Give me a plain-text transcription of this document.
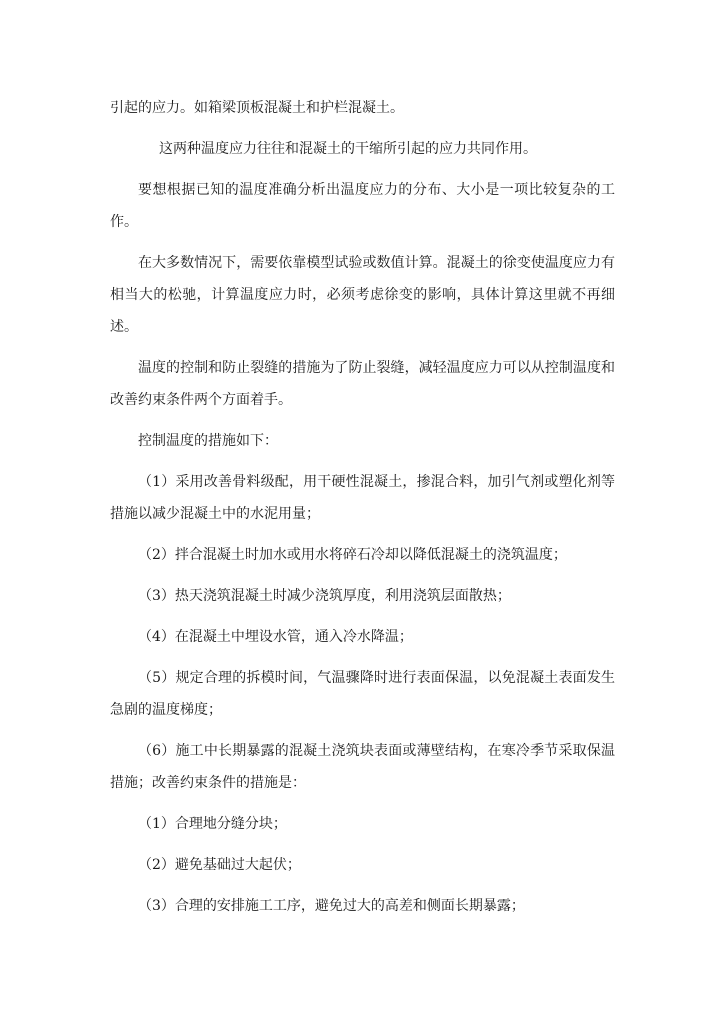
引起的应力。如箱梁顶板混凝土和护栏混凝土。

这两种温度应力往往和混凝土的干缩所引起的应力共同作用。

要想根据已知的温度准确分析出温度应力的分布、大小是一项比较复杂的工作。

在大多数情况下，需要依靠模型试验或数值计算。混凝土的徐变使温度应力有相当大的松驰，计算温度应力时，必须考虑徐变的影响，具体计算这里就不再细述。

温度的控制和防止裂缝的措施为了防止裂缝，减轻温度应力可以从控制温度和改善约束条件两个方面着手。

控制温度的措施如下：

（1）采用改善骨料级配，用干硬性混凝土，掺混合料，加引气剂或塑化剂等措施以减少混凝土中的水泥用量；

（2）拌合混凝土时加水或用水将碎石冷却以降低混凝土的浇筑温度；

（3）热天浇筑混凝土时减少浇筑厚度，利用浇筑层面散热；

（4）在混凝土中埋设水管，通入冷水降温；

（5）规定合理的拆模时间，气温骤降时进行表面保温，以免混凝土表面发生急剧的温度梯度；

（6）施工中长期暴露的混凝土浇筑块表面或薄壁结构，在寒冷季节采取保温措施；改善约束条件的措施是：

（1）合理地分缝分块；

（2）避免基础过大起伏；

（3）合理的安排施工工序，避免过大的高差和侧面长期暴露；
